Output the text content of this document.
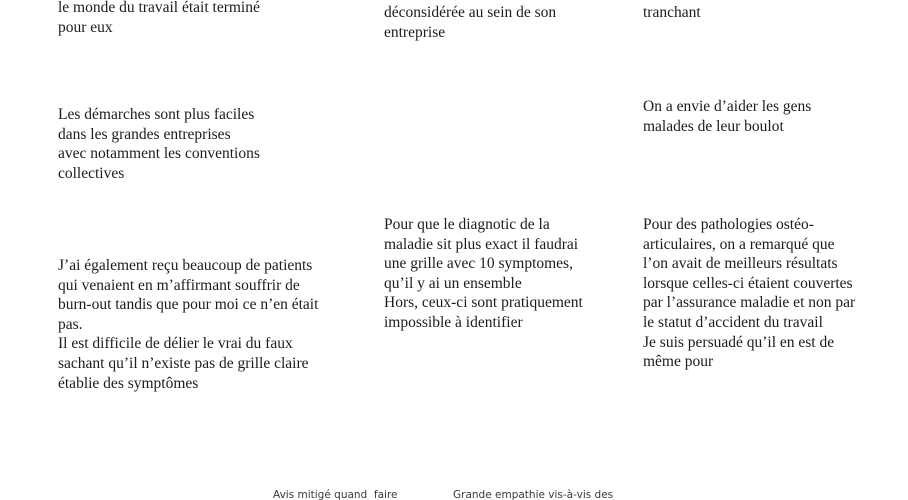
le monde du travail était terminé
pour eux

déconsidérée au sein de son
entreprise

tranchant

Les démarches sont plus faciles
dans les grandes entreprises
avec notamment les conventions
collectives

On a envie d’aider les gens
malades de leur boulot

Pour que le diagnotic de la
maladie sit plus exact il faudrai
une grille avec 10 symptomes,
qu’il y ai un ensemble
Hors, ceux-ci sont pratiquement
impossible à identifier

Pour des pathologies ostéo-
articulaires, on a remarqué que
l’on avait de meilleurs résultats
lorsque celles-ci étaient couvertes
par l’assurance maladie et non par
le statut d’accident du travail
Je suis persuadé qu’il en est de
même pour

J’ai également reçu beaucoup de patients
qui venaient en m’affirmant souffrir de
burn-out tandis que pour moi ce n’en était
pas.
Il est difficile de délier le vrai du faux
sachant qu’il n’existe pas de grille claire
établie des symptômes

Avis mitigé quand  faire	Grande empathie vis-à-vis des
